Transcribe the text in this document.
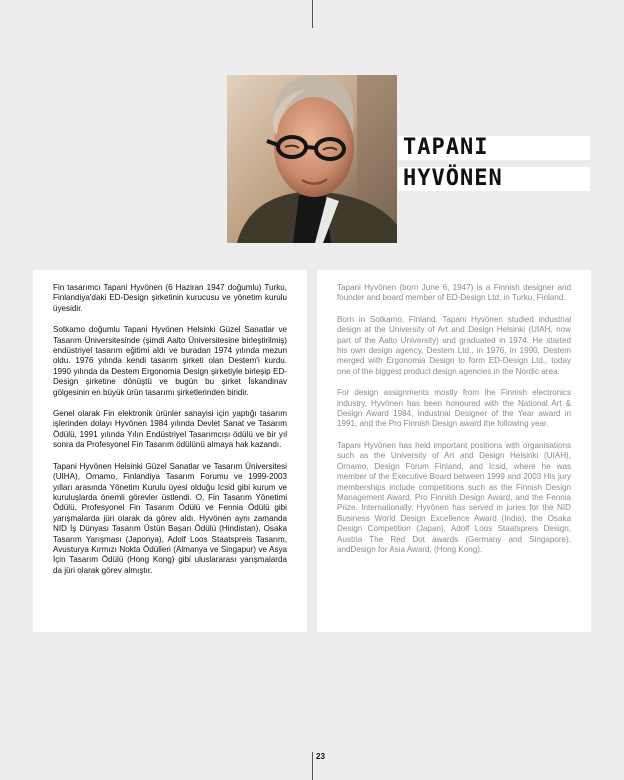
TAPANI
HYVÖNEN

Fin tasarımcı Tapani Hyvönen (6 Haziran 1947 doğumlu) Turku, Finlandiya'daki ED-Design şirketinin kurucusu ve yönetim kurulu üyesidir.

Sotkamo doğumlu Tapani Hyvönen Helsinki Güzel Sanatlar ve Tasarım Üniversitesinde (şimdi Aalto Üniversitesine birleştirilmiş) endüstriyel tasarım eğitimi aldı ve buradan 1974 yılında mezun oldu. 1976 yılında kendi tasarım şirketi olan Destem'i kurdu. 1990 yılında da Destem Ergonomia Design şirketiyle birleşip ED-Design şirketine dönüştü ve bugün bu şirket İskandinav gölgesinin en büyük ürün tasarımı şirketlerinden biridir.

Genel olarak Fin elektronik ürünler sanayisi için yaptığı tasarım işlerinden dolayı Hyvönen 1984 yılında Devlet Sanat ve Tasarım Ödülü, 1991 yılında Yılın Endüstriyel Tasarımcısı ödülü ve bir yıl sonra da Profesyonel Fin Tasarım ödülünü almaya hak kazandı.

Tapani Hyvönen Helsinki Güzel Sanatlar ve Tasarım Üniversitesi (UIHA), Ornamo, Finlandiya Tasarım Forumu ve 1999-2003 yılları arasında Yönetim Kurulu üyesi olduğu Icsid gibi kurum ve kuruluşlarda önemli görevler üstlendi. O, Fin Tasarım Yönetimi Ödülü, Profesyonel Fin Tasarım Ödülü ve Fennia Ödülü gibi yarışmalarda jüri olarak da görev aldı. Hyvönen aynı zamanda NID İş Dünyası Tasarım Üstün Başarı Ödülü (Hindistan), Osaka Tasarım Yarışması (Japonya), Adolf Loos Staatspreis Tasarım, Avusturya Kırmızı Nokta Ödülleri (Almanya ve Singapur) ve Asya İçin Tasarım Ödülü (Hong Kong) gibi uluslararası yarışmalarda da jüri olarak görev almıştır.

Tapani Hyvönen (born June 6, 1947) is a Finnish designer and founder and board member of ED-Design Ltd. in Turku, Finland.

Born in Sotkamo, Finland, Tapani Hyvönen studied industrial design at the University of Art and Design Helsinki (UIAH, now part of the Aalto University) and graduated in 1974. He started his own design agency, Destem Ltd., in 1976. In 1990, Destem merged with Ergonomia Design to form ED-Design Ltd., today one of the biggest product design agencies in the Nordic area.

For design assignments mostly from the Finnish electronics industry, Hyvönen has been honoured with the National Art & Design Award 1984, Industrial Designer of the Year award in 1991, and the Pro Finnish Design award the following year.

Tapani Hyvönen has held important positions with organisations such as the University of Art and Design Helsinki (UIAH), Ornamo, Design Forum Finland, and Icsid, where he was member of the Executive Board between 1999 and 2003 His jury memberships include competitions such as the Finnish Design Management Award, Pro Finnish Design Award, and the Fennia Prize. Internationally, Hyvönen has served in juries for the NID Business World Design Excellence Award (India), the Osaka Design Competition (Japan), Adolf Loos Staatspreis Design, Austria The Red Dot awards (Germany and Singapore), andDesign for Asia Award, (Hong Kong).

23
